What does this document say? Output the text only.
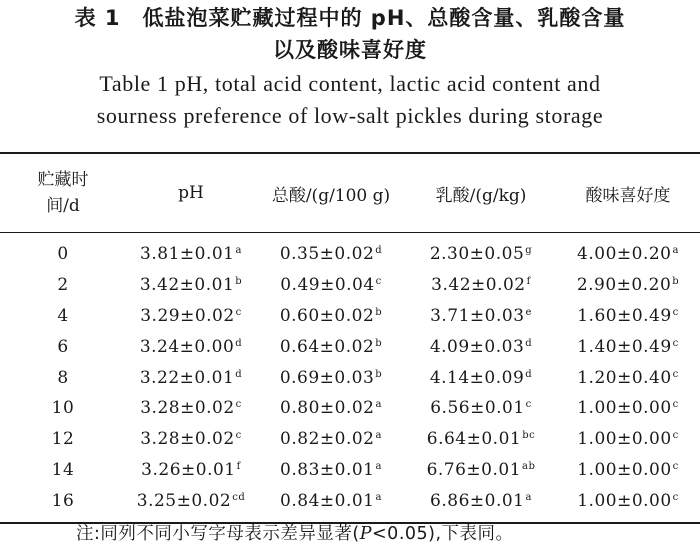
表 1 低盐泡菜贮藏过程中的 pH、总酸含量、乳酸含量
以及酸味喜好度
Table 1 pH, total acid content, lactic acid content and
sourness preference of low-salt pickles during storage
贮藏时
间/d	pH	总酸/(g/100 g)	乳酸/(g/kg)	酸味喜好度
0	3.81±0.01$^a$	0.35±0.02$^d$	2.30±0.05$^g$	4.00±0.20$^a$
2	3.42±0.01$^b$	0.49±0.04$^c$	3.42±0.02$^f$	2.90±0.20$^b$
4	3.29±0.02$^c$	0.60±0.02$^b$	3.71±0.03$^e$	1.60±0.49$^c$
6	3.24±0.00$^d$	0.64±0.02$^b$	4.09±0.03$^d$	1.40±0.49$^c$
8	3.22±0.01$^d$	0.69±0.03$^b$	4.14±0.09$^d$	1.20±0.40$^c$
10	3.28±0.02$^c$	0.80±0.02$^a$	6.56±0.01$^c$	1.00±0.00$^c$
12	3.28±0.02$^c$	0.82±0.02$^a$	6.64±0.01$^{bc}$	1.00±0.00$^c$
14	3.26±0.01$^f$	0.83±0.01$^a$	6.76±0.01$^{ab}$	1.00±0.00$^c$
16	3.25±0.02$^{cd}$	0.84±0.01$^a$	6.86±0.01$^a$	1.00±0.00$^c$
注:同列不同小写字母表示差异显著(P<0.05),下表同。
